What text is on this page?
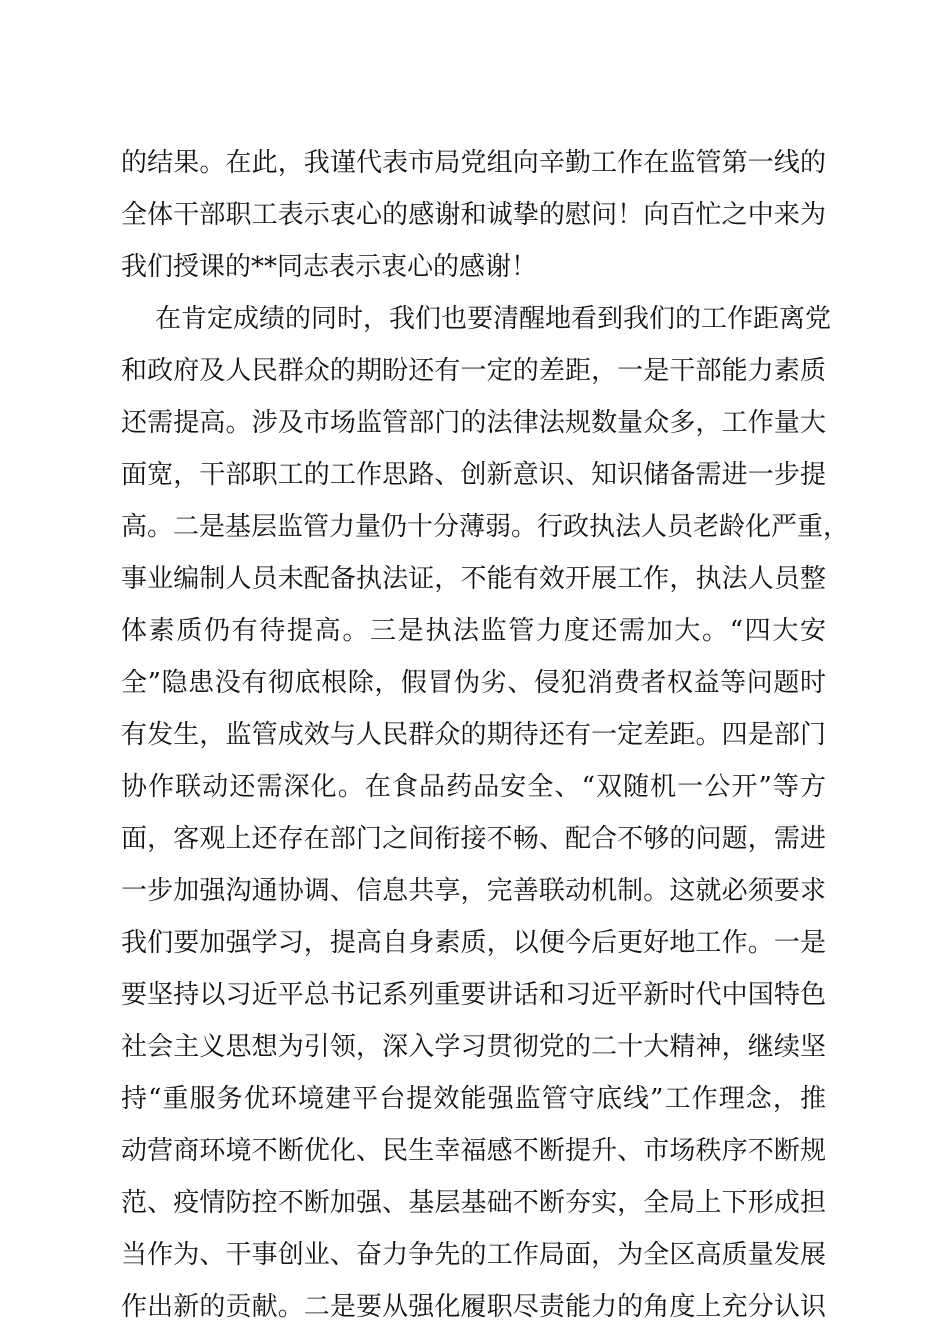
的结果。在此，我谨代表市局党组向辛勤工作在监管第一线的
全体干部职工表示衷心的感谢和诚挚的慰问！向百忙之中来为
我们授课的**同志表示衷心的感谢！
在肯定成绩的同时，我们也要清醒地看到我们的工作距离党
和政府及人民群众的期盼还有一定的差距，一是干部能力素质
还需提高。涉及市场监管部门的法律法规数量众多，工作量大
面宽，干部职工的工作思路、创新意识、知识储备需进一步提
高。二是基层监管力量仍十分薄弱。行政执法人员老龄化严重，
事业编制人员未配备执法证，不能有效开展工作，执法人员整
体素质仍有待提高。三是执法监管力度还需加大。“四大安
全”隐患没有彻底根除，假冒伪劣、侵犯消费者权益等问题时
有发生，监管成效与人民群众的期待还有一定差距。四是部门
协作联动还需深化。在食品药品安全、“双随机一公开”等方
面，客观上还存在部门之间衔接不畅、配合不够的问题，需进
一步加强沟通协调、信息共享，完善联动机制。这就必须要求
我们要加强学习，提高自身素质，以便今后更好地工作。一是
要坚持以习近平总书记系列重要讲话和习近平新时代中国特色
社会主义思想为引领，深入学习贯彻党的二十大精神，继续坚
持“重服务优环境建平台提效能强监管守底线”工作理念，推
动营商环境不断优化、民生幸福感不断提升、市场秩序不断规
范、疫情防控不断加强、基层基础不断夯实，全局上下形成担
当作为、干事创业、奋力争先的工作局面，为全区高质量发展
作出新的贡献。二是要从强化履职尽责能力的角度上充分认识
